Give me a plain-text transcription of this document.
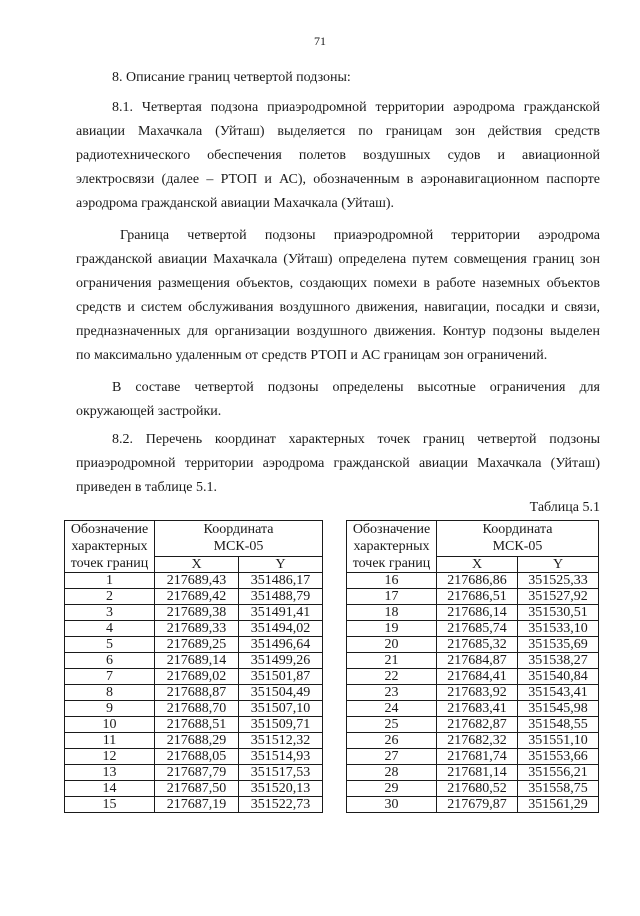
71
8. Описание границ четвертой подзоны:
8.1. Четвертая подзона приаэродромной территории аэродрома гражданской
авиации Махачкала (Уйташ) выделяется по границам зон действия средств
радиотехнического обеспечения полетов воздушных судов и авиационной
электросвязи (далее – РТОП и АС), обозначенным в аэронавигационном паспорте
аэродрома гражданской авиации Махачкала (Уйташ).
Граница четвертой подзоны приаэродромной территории аэродрома
гражданской авиации Махачкала (Уйташ) определена путем совмещения границ зон
ограничения размещения объектов, создающих помехи в работе наземных объектов
средств и систем обслуживания воздушного движения, навигации, посадки и связи,
предназначенных для организации воздушного движения. Контур подзоны выделен
по максимально удаленным от средств РТОП и АС границам зон ограничений.
В составе четвертой подзоны определены высотные ограничения для
окружающей застройки.
8.2. Перечень координат характерных точек границ четвертой подзоны
приаэродромной территории аэродрома гражданской авиации Махачкала (Уйташ)
приведен в таблице 5.1.
Таблица 5.1
Обозначение
характерных
точек границ	Координата
МСК-05	

	X	Y
1	217689,43	351486,17
2	217689,42	351488,79
3	217689,38	351491,41
4	217689,33	351494,02
5	217689,25	351496,64
6	217689,14	351499,26
7	217689,02	351501,87
8	217688,87	351504,49
9	217688,70	351507,10
10	217688,51	351509,71
11	217688,29	351512,32
12	217688,05	351514,93
13	217687,79	351517,53
14	217687,50	351520,13
15	217687,19	351522,73
Обозначение
характерных
точек границ	Координата
МСК-05	

	X	Y
16	217686,86	351525,33
17	217686,51	351527,92
18	217686,14	351530,51
19	217685,74	351533,10
20	217685,32	351535,69
21	217684,87	351538,27
22	217684,41	351540,84
23	217683,92	351543,41
24	217683,41	351545,98
25	217682,87	351548,55
26	217682,32	351551,10
27	217681,74	351553,66
28	217681,14	351556,21
29	217680,52	351558,75
30	217679,87	351561,29
